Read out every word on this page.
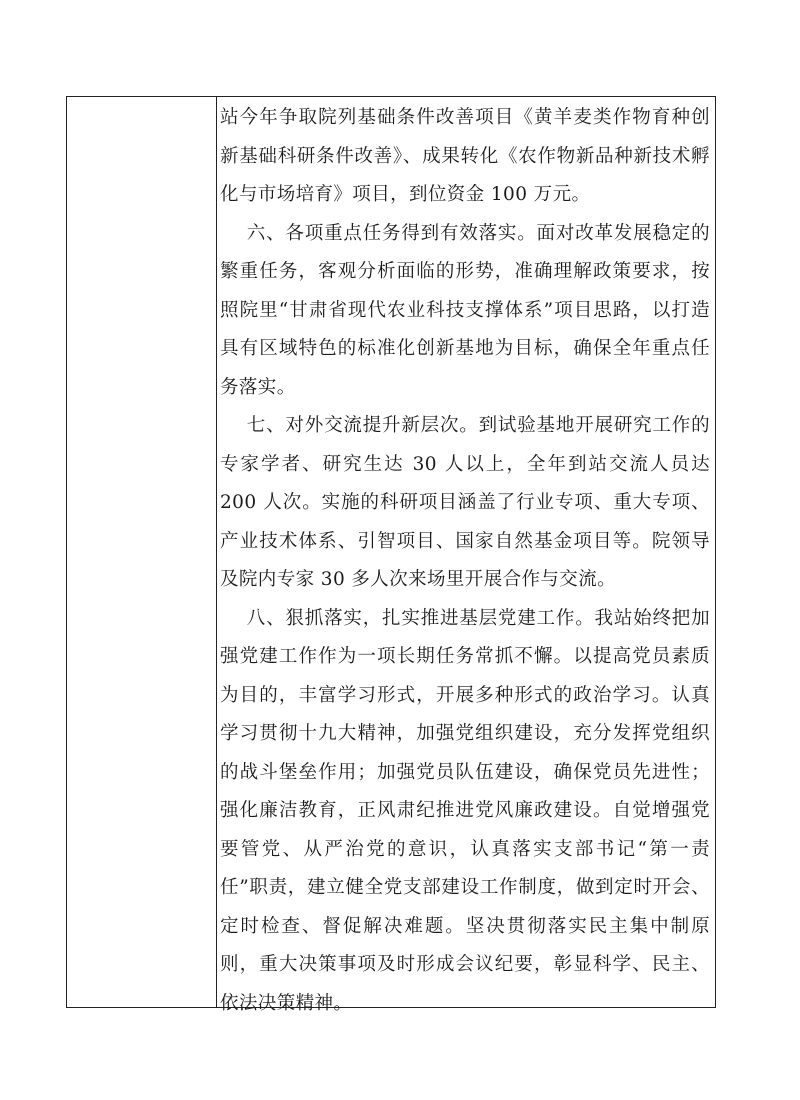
站今年争取院列基础条件改善项目《黄羊麦类作物育种创新基础科研条件改善》、成果转化《农作物新品种新技术孵化与市场培育》项目，到位资金 100 万元。

六、各项重点任务得到有效落实。面对改革发展稳定的繁重任务，客观分析面临的形势，准确理解政策要求，按照院里“甘肃省现代农业科技支撑体系”项目思路，以打造具有区域特色的标准化创新基地为目标，确保全年重点任务落实。

七、对外交流提升新层次。到试验基地开展研究工作的专家学者、研究生达 30 人以上，全年到站交流人员达 200 人次。实施的科研项目涵盖了行业专项、重大专项、产业技术体系、引智项目、国家自然基金项目等。院领导及院内专家 30 多人次来场里开展合作与交流。

八、狠抓落实，扎实推进基层党建工作。我站始终把加强党建工作作为一项长期任务常抓不懈。以提高党员素质为目的，丰富学习形式，开展多种形式的政治学习。认真学习贯彻十九大精神，加强党组织建设，充分发挥党组织的战斗堡垒作用；加强党员队伍建设，确保党员先进性；强化廉洁教育，正风肃纪推进党风廉政建设。自觉增强党要管党、从严治党的意识，认真落实支部书记“第一责任”职责，建立健全党支部建设工作制度，做到定时开会、定时检查、督促解决难题。坚决贯彻落实民主集中制原则，重大决策事项及时形成会议纪要，彰显科学、民主、依法决策精神。
